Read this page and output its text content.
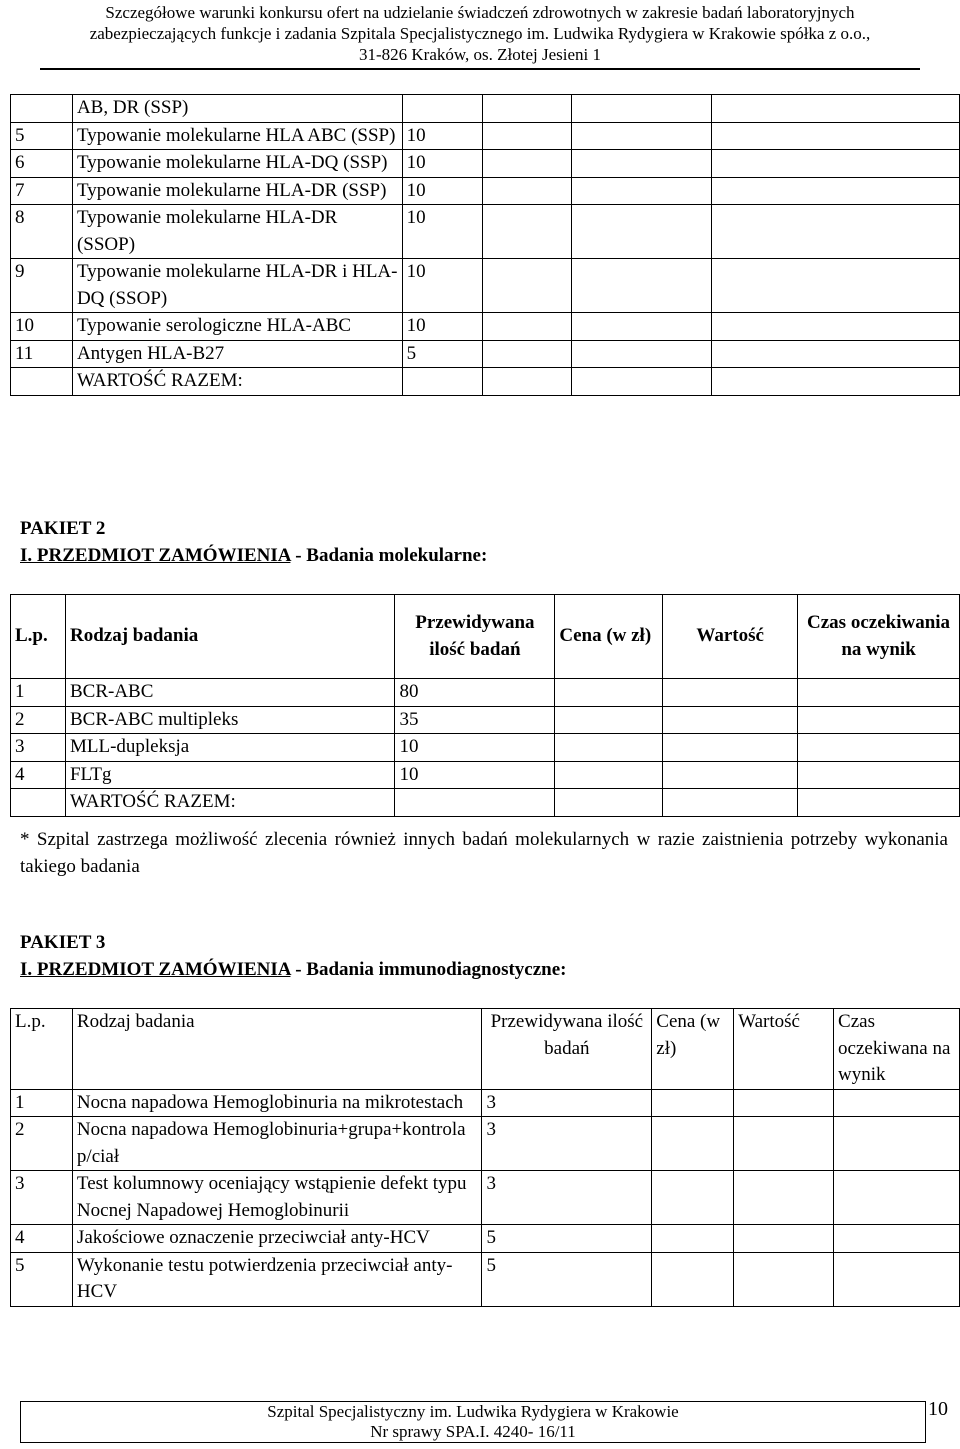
Szczegółowe warunki konkursu ofert na udzielanie świadczeń zdrowotnych w zakresie badań laboratoryjnych
zabezpieczających funkcje i zadania Szpitala Specjalistycznego im. Ludwika Rydygiera w Krakowie spółka z o.o.,
31-826 Kraków, os. Złotej Jesieni 1
	AB, DR (SSP)				
5	Typowanie molekularne HLA ABC (SSP)	10			
6	Typowanie molekularne HLA-DQ (SSP)	10			
7	Typowanie molekularne HLA-DR (SSP)	10			
8	Typowanie molekularne HLA-DR (SSOP)	10			
9	Typowanie molekularne HLA-DR i HLA-DQ (SSOP)	10			
10	Typowanie serologiczne HLA-ABC	10			
11	Antygen HLA-B27	5			
	WARTOŚĆ RAZEM:				
PAKIET 2
I. PRZEDMIOT ZAMÓWIENIA - Badania molekularne:
L.p.	Rodzaj badania	Przewidywana ilość badań	Cena (w zł)	Wartość	Czas oczekiwania na wynik
1	BCR-ABC	80			
2	BCR-ABC multipleks	35			
3	MLL-dupleksja	10			
4	FLTg	10			
	WARTOŚĆ RAZEM:				
* Szpital zastrzega możliwość zlecenia również innych badań molekularnych w razie zaistnienia potrzeby wykonania takiego badania
PAKIET 3
I. PRZEDMIOT ZAMÓWIENIA - Badania immunodiagnostyczne:
L.p.	Rodzaj badania	Przewidywana ilość badań	Cena (w zł)	Wartość	Czas oczekiwana na wynik
1	Nocna napadowa Hemoglobinuria na mikrotestach	3			
2	Nocna napadowa Hemoglobinuria+grupa+kontrola p/ciał	3			
3	Test kolumnowy oceniający wstąpienie defekt typu Nocnej Napadowej Hemoglobinurii	3			
4	Jakościowe oznaczenie przeciwciał anty-HCV	5			
5	Wykonanie testu potwierdzenia przeciwciał anty-HCV	5			
Szpital Specjalistyczny im. Ludwika Rydygiera w Krakowie
Nr sprawy SPA.I. 4240- 16/11
10
